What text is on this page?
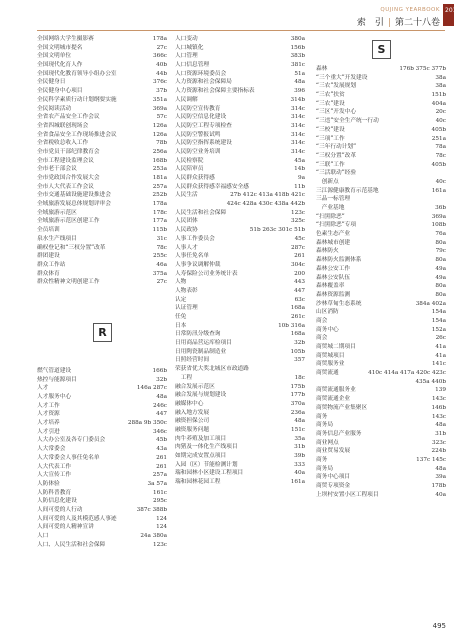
QUJING YEARBOOK
索　引 | 第二十八卷
2019
全国网络大学生摄影赛	178a
全国文明城市提名	27c
全国文明单位	366c
全国现代化育人作	40b
全国现代化教育领导小组办公室	44b
全民健身日	376c
全民健身中心项目	37b
全民科学素质行动计划纲要实施	351a
全民阅读活动	369a
全省农产品安全工作会议	57c
全省四城联创现场会	126a
全省食品安全工作现场推进会议	126a
全省税收总收入工作	78b
全市党员干部纪律教育会	256a
全市工程建设监理会议	168b
全市老干部会议	253a
全市党政国合作发展大会	181a
全市人大代表工作会议	257a
全市交通基础设施建设推进会	252b
全域旅游发展总体规划评审会	178a
全域旅游示范区	178c
全域旅游示范区创建工作	177a
全员培训	115b
泉水生产线项目	31c
确权登记和“三权分置”改革	78c
群团建设	255c
群众工作站	46a
群众体育	375a
群众性精神文明创建工作	27c
R
燃气管道建设	166b
热控与能源项目	32b
人才	146a 287c
人才服务中心	48a
人才工作	246c
人才资源	447
人才培养	288a 9b 350c
人才引进	346c
人大办公室及各专门委员会	45b
人大常委会	43a
人大常委会人事任免名单	261
人大代表工作	261
人大宣传工作	257a
人防体验	3a 57a
人防科普教育	161c
人防信息化建设	295c
人间可爱的人行动	387c 388b
人间可爱的人及其模范感人事迹	124
人间可爱的人精神宣讲	124
人口	24a 380a
人口、人民生活和社会保障	123c
人口变动	380a
人口城镇化	156b
人口管理	383b
人口信息管理	381c
人口资源环境委员会	51a
人力资源和社会保障局	48a
人力资源和社会保障主要指标表	396
人民调解	314b
人民防空宣传教育	314c
人民防空信息化建设	314c
人民防空工程专项检查	314c
人民防空警报试鸣	314c
人民防空指挥系统建设	314c
人民防空业务培训	314c
人民检察院	45a
人民陪审员	14b
人民群众获得感	9a
人民群众获得感幸福感安全感	11b
人民生活	27b 412c 413a 418b 421c
424c 428a 430c 438a 442b
人民生活和社会保障	123c
人民团体	325c
人民政协	51b 263c 301c 51b
人事工作委员会	45c
人事人才	287c
人事任免名单	261
人事争议调解仲裁	304c
人寿保险公司业务统计表	200
人物	443
人物表彰	447
认定	63c
认证管理	168a
任免	261c
日本	10b 316a
日常防汛分级查询	168a
日用商品营运库检项目	32b
日用陶瓷制品制造业	105b
日照经营时间	357
荣获省优大奖北城区市政道路
　工程	18c
融合发展示范区	175b
融合发展与规划建设	177b
融媒体中心	370a
融入地方发展	236a
融资担保公司	48a
融资服务问题	151c
肉牛养殖及加工项目	35a
肉猪及一体化生产线项目	31b
如期完成安置点项目	39b
入园（区）节能检测计划	333
瑞和园林小区建设工程项目	40a
瑞和园林花园工程	161a
S
森林	176b 375c 377b
“三个重大”开发建设	38a
“三农”发展规划	38a
“三农”扶贫	151b
“三农”建设	404a
“三区”开发中心	20c
“三违”安全生产统一行动	40c
“三校”建设	405b
“三项”工作	251a
“三年行动计划”	78a
“三权分置”改革	78c
“三联”工作	405b
“三活联动”经验
　创新点	40c
三江源健康教育示范基地	161a
三品一标管理
　产业基地	36b
“扫黑除恶”	369a
“扫黑除恶”专项	108b
色素生态产业	76a
森林城市创建	80a
森林防火	79c
森林防火监测体系	80a
森林公安工作	49a
森林公安队伍	49a
森林覆盖率	80a
森林资源监测	80a
沙林草甸生态系统	384a 402a
山区消防	154a
商会	154a
商务中心	152a
商会	26c
商贸城二期项目	41a
商贸城项目	41a
商贸服务业	141c
商贸流通	410c 414a 417a 420c 423c
435a 440b
商贸流通服务业	139
商贸流通企业	143c
商贸物流产业集聚区	146b
商务	143c
商务局	48a
商务信息产业服务	31b
商业网点	323c
商业贸易发展	224b
商务	137c 145c
商务局	48a
商务中心项目	39a
商贸专项资金	178b
上坝村安置小区工程项目	40a
495
